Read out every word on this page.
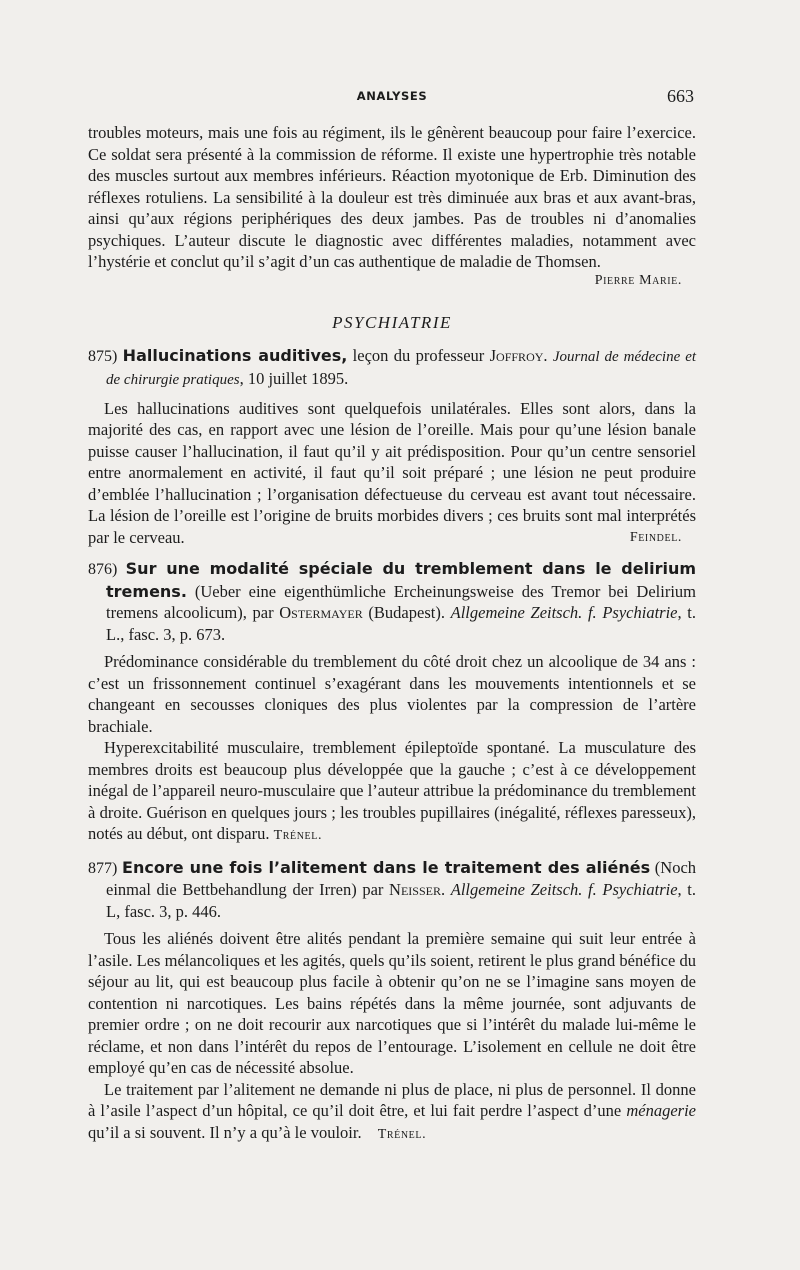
ANALYSES	663

troubles moteurs, mais une fois au régiment, ils le gênèrent beaucoup pour faire l’exercice. Ce soldat sera présenté à la commission de réforme. Il existe une hypertrophie très notable des muscles surtout aux membres inférieurs. Réaction myotonique de Erb. Diminution des réflexes rotuliens. La sensibilité à la douleur est très diminuée aux bras et aux avant-bras, ainsi qu’aux régions periphériques des deux jambes. Pas de troubles ni d’anomalies psychiques. L’auteur discute le diagnostic avec différentes maladies, notamment avec l’hystérie et conclut qu’il s’agit d’un cas authentique de maladie de Thomsen.

Pierre Marie.
PSYCHIATRIE

875) Hallucinations auditives, leçon du professeur Joffroy. Journal de médecine et de chirurgie pratiques, 10 juillet 1895.

Les hallucinations auditives sont quelquefois unilatérales. Elles sont alors, dans la majorité des cas, en rapport avec une lésion de l’oreille. Mais pour qu’une lésion banale puisse causer l’hallucination, il faut qu’il y ait prédisposition. Pour qu’un centre sensoriel entre anormalement en activité, il faut qu’il soit préparé ; une lésion ne peut produire d’emblée l’hallucination ; l’organisation défectueuse du cerveau est avant tout nécessaire. La lésion de l’oreille est l’origine de bruits morbides divers ; ces bruits sont mal interprétés par le cerveau.	Feindel.

876) Sur une modalité spéciale du tremblement dans le delirium tremens. (Ueber eine eigenthümliche Ercheinungsweise des Tremor bei Delirium tremens alcoolicum), par Ostermayer (Budapest). Allgemeine Zeitsch. f. Psychiatrie, t. L., fasc. 3, p. 673.

Prédominance considérable du tremblement du côté droit chez un alcoolique de 34 ans : c’est un frissonnement continuel s’exagérant dans les mouvements intentionnels et se changeant en secousses cloniques des plus violentes par la compression de l’artère brachiale.

Hyperexcitabilité musculaire, tremblement épileptoïde spontané. La musculature des membres droits est beaucoup plus développée que la gauche ; c’est à ce développement inégal de l’appareil neuro-musculaire que l’auteur attribue la prédominance du tremblement à droite. Guérison en quelques jours ; les troubles pupillaires (inégalité, réflexes paresseux), notés au début, ont disparu. Trénel.

877) Encore une fois l’alitement dans le traitement des aliénés (Noch einmal die Bettbehandlung der Irren) par Neisser. Allgemeine Zeitsch. f. Psychiatrie, t. L, fasc. 3, p. 446.

Tous les aliénés doivent être alités pendant la première semaine qui suit leur entrée à l’asile. Les mélancoliques et les agités, quels qu’ils soient, retirent le plus grand bénéfice du séjour au lit, qui est beaucoup plus facile à obtenir qu’on ne se l’imagine sans moyen de contention ni narcotiques. Les bains répétés dans la même journée, sont adjuvants de premier ordre ; on ne doit recourir aux narcotiques que si l’intérêt du malade lui-même le réclame, et non dans l’intérêt du repos de l’entourage. L’isolement en cellule ne doit être employé qu’en cas de nécessité absolue.

Le traitement par l’alitement ne demande ni plus de place, ni plus de personnel. Il donne à l’asile l’aspect d’un hôpital, ce qu’il doit être, et lui fait perdre l’aspect d’une ménagerie qu’il a si souvent. Il n’y a qu’à le vouloir. Trénel.
